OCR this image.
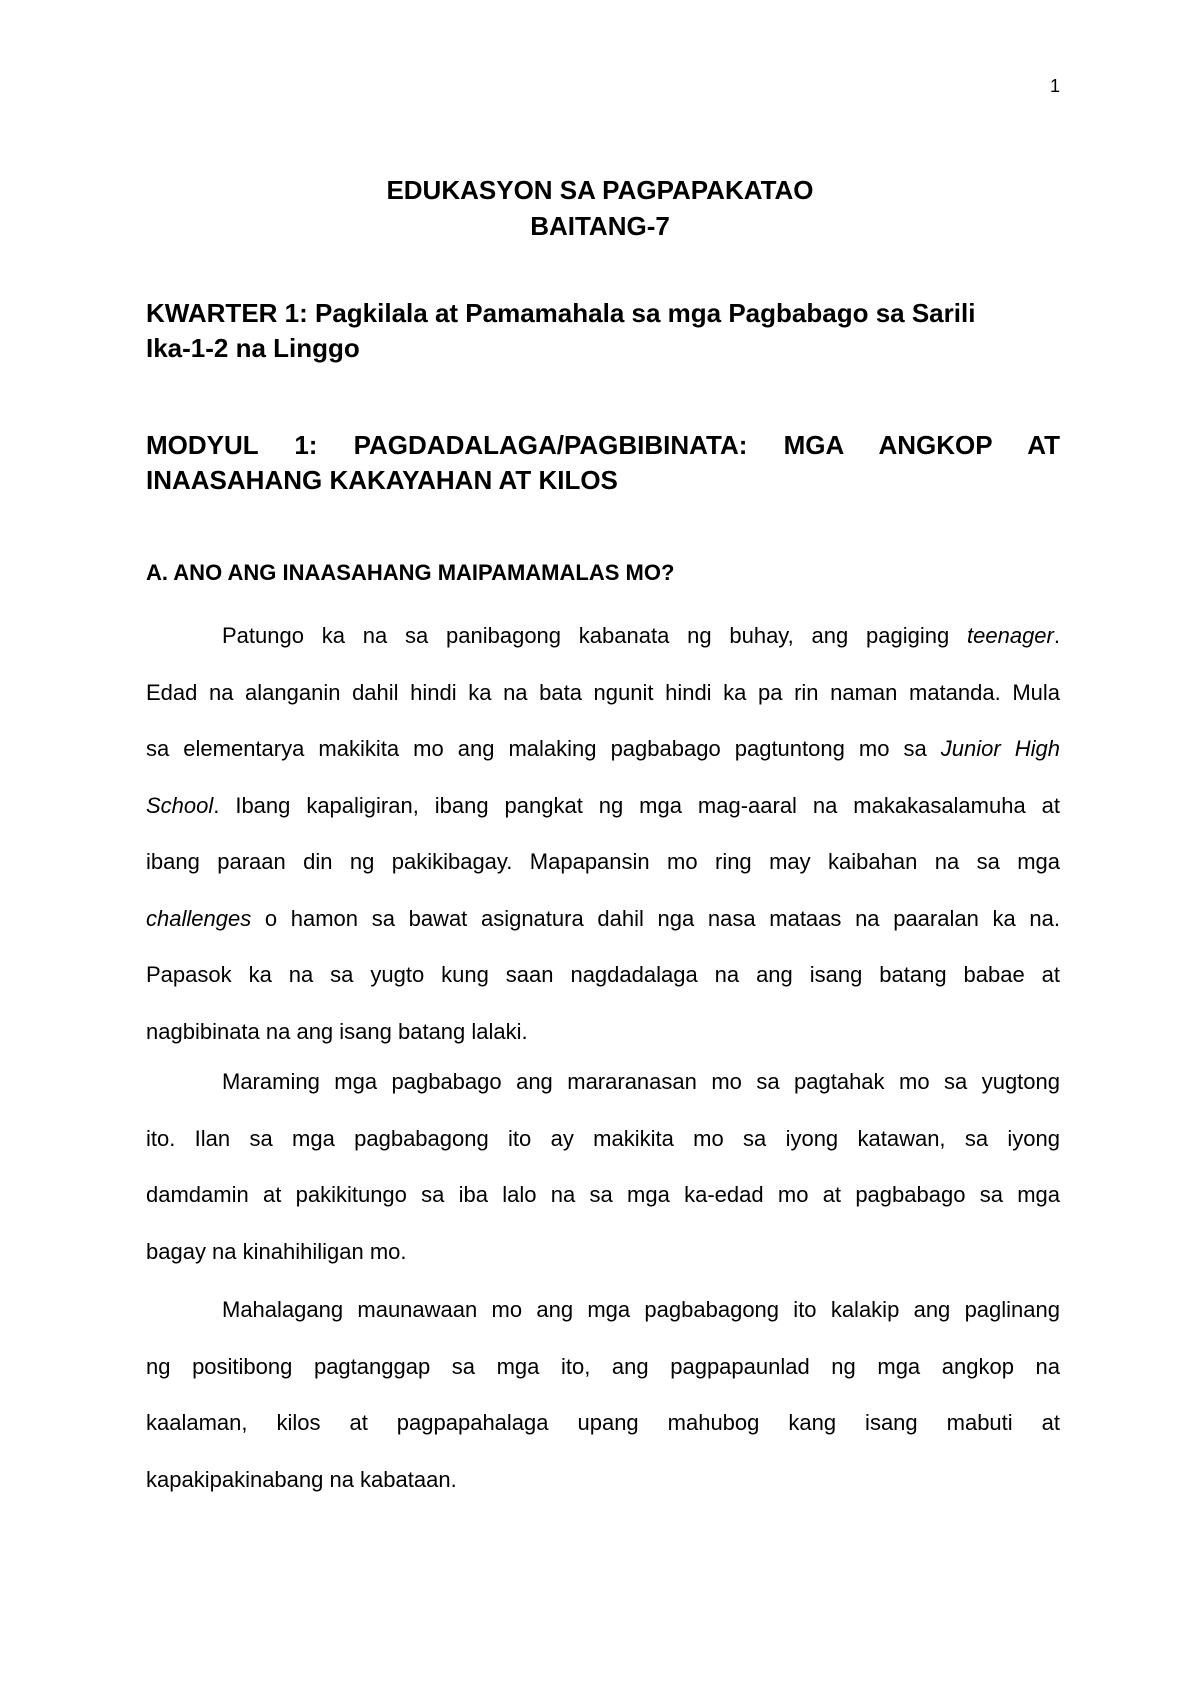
1
EDUKASYON SA PAGPAPAKATAO
BAITANG-7
KWARTER 1: Pagkilala at Pamamahala sa mga Pagbabago sa Sarili
Ika-1-2 na Linggo
MODYUL 1: PAGDADALAGA/PAGBIBINATA: MGA ANGKOP AT
INAASAHANG KAKAYAHAN AT KILOS
A. ANO ANG INAASAHANG MAIPAMAMALAS MO?

Patungo ka na sa panibagong kabanata ng buhay, ang pagiging teenager.
Edad na alanganin dahil hindi ka na bata ngunit hindi ka pa rin naman matanda. Mula
sa elementarya makikita mo ang malaking pagbabago pagtuntong mo sa Junior High
School. Ibang kapaligiran, ibang pangkat ng mga mag-aaral na makakasalamuha at
ibang paraan din ng pakikibagay. Mapapansin mo ring may kaibahan na sa mga
challenges o hamon sa bawat asignatura dahil nga nasa mataas na paaralan ka na.
Papasok ka na sa yugto kung saan nagdadalaga na ang isang batang babae at
nagbibinata na ang isang batang lalaki.

Maraming mga pagbabago ang mararanasan mo sa pagtahak mo sa yugtong
ito. Ilan sa mga pagbabagong ito ay makikita mo sa iyong katawan, sa iyong
damdamin at pakikitungo sa iba lalo na sa mga ka-edad mo at pagbabago sa mga
bagay na kinahihiligan mo.

Mahalagang maunawaan mo ang mga pagbabagong ito kalakip ang paglinang
ng positibong pagtanggap sa mga ito, ang pagpapaunlad ng mga angkop na
kaalaman, kilos at pagpapahalaga upang mahubog kang isang mabuti at
kapakipakinabang na kabataan.
